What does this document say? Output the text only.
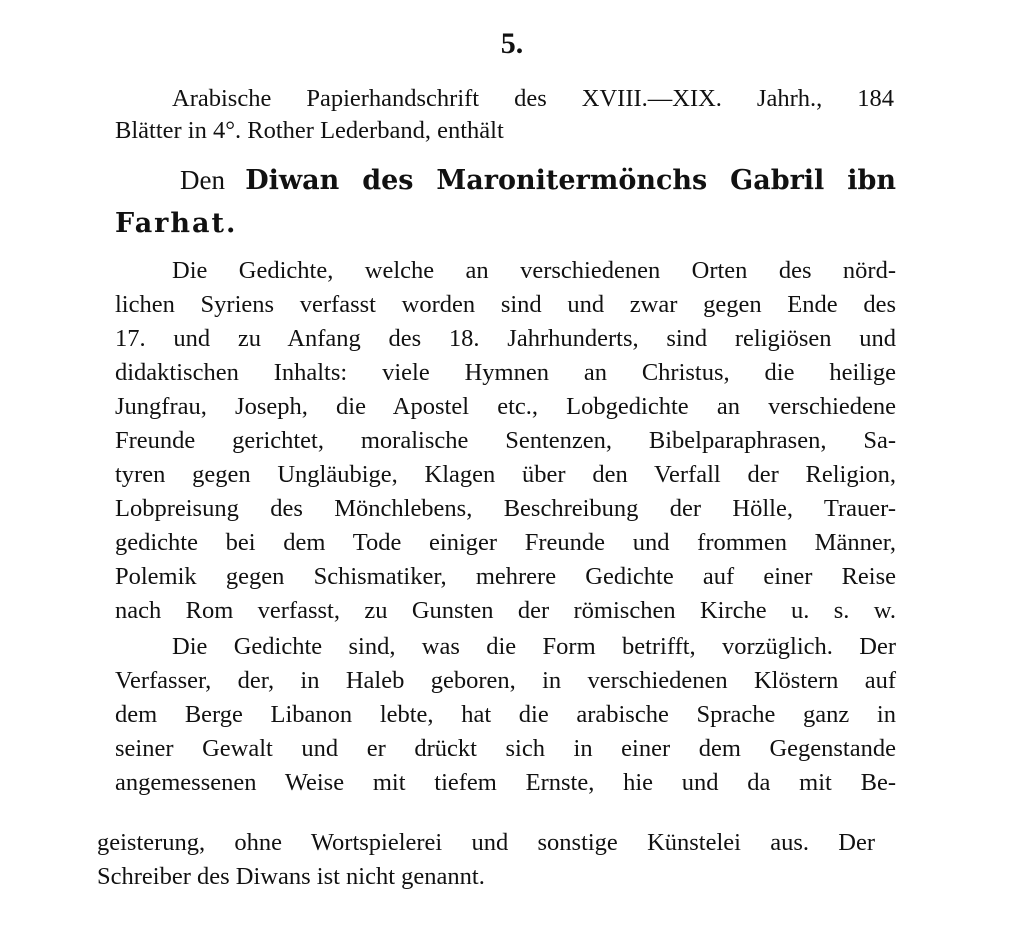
5.
Arabische Papierhandschrift des XVIII.—XIX. Jahrh., 184
Blätter in 4°. Rother Lederband, enthält
Den Diwan des Maronitermönchs Gabril ibn
Farhat.
Die Gedichte, welche an verschiedenen Orten des nörd-
lichen Syriens verfasst worden sind und zwar gegen Ende des
17. und zu Anfang des 18. Jahrhunderts, sind religiösen und
didaktischen Inhalts: viele Hymnen an Christus, die heilige
Jungfrau, Joseph, die Apostel etc., Lobgedichte an verschiedene
Freunde gerichtet, moralische Sentenzen, Bibelparaphrasen, Sa-
tyren gegen Ungläubige, Klagen über den Verfall der Religion,
Lobpreisung des Mönchlebens, Beschreibung der Hölle, Trauer-
gedichte bei dem Tode einiger Freunde und frommen Männer,
Polemik gegen Schismatiker, mehrere Gedichte auf einer Reise
nach Rom verfasst, zu Gunsten der römischen Kirche u. s. w.
Die Gedichte sind, was die Form betrifft, vorzüglich. Der
Verfasser, der, in Haleb geboren, in verschiedenen Klöstern auf
dem Berge Libanon lebte, hat die arabische Sprache ganz in
seiner Gewalt und er drückt sich in einer dem Gegenstande
angemessenen Weise mit tiefem Ernste, hie und da mit Be-
geisterung, ohne Wortspielerei und sonstige Künstelei aus. Der
Schreiber des Diwans ist nicht genannt.
